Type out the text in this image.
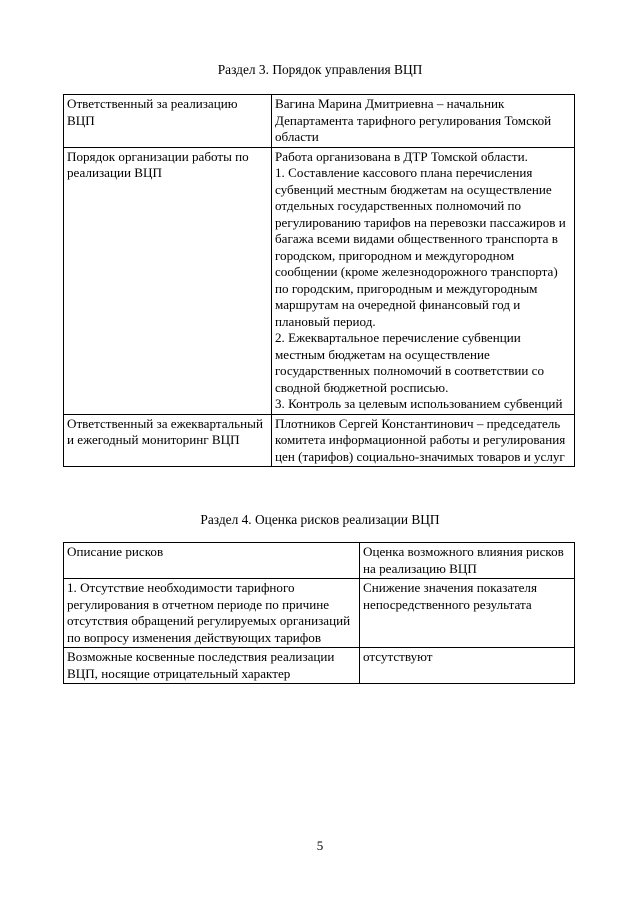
Раздел 3. Порядок управления ВЦП
Ответственный за реализацию ВЦП	Вагина Марина Дмитриевна – начальник Департамента тарифного регулирования Томской области

Порядок организации работы по реализации ВЦП	Работа организована в ДТР Томской области.

1. Составление кассового плана перечисления субвенций местным бюджетам на осуществление отдельных государственных полномочий по регулированию тарифов на перевозки пассажиров и багажа всеми видами общественного транспорта в городском, пригородном и междугородном сообщении (кроме железнодорожного транспорта) по городским, пригородным и междугородным маршрутам на очередной финансовый год и плановый период.

2. Ежеквартальное перечисление субвенции местным бюджетам на осуществление государственных полномочий в соответствии со сводной бюджетной росписью.

3. Контроль за целевым использованием субвенций

Ответственный за ежеквартальный и ежегодный мониторинг ВЦП	Плотников Сергей Константинович – председатель комитета информационной работы и регулирования цен (тарифов) социально-значимых товаров и услуг

Раздел 4. Оценка рисков реализации ВЦП
Описание рисков	Оценка возможного влияния рисков на реализацию ВЦП
1. Отсутствие необходимости тарифного регулирования в отчетном периоде по причине отсутствия обращений регулируемых организаций по вопросу изменения действующих тарифов	Снижение значения показателя непосредственного результата
Возможные косвенные последствия реализации ВЦП, носящие отрицательный характер	отсутствуют
5
